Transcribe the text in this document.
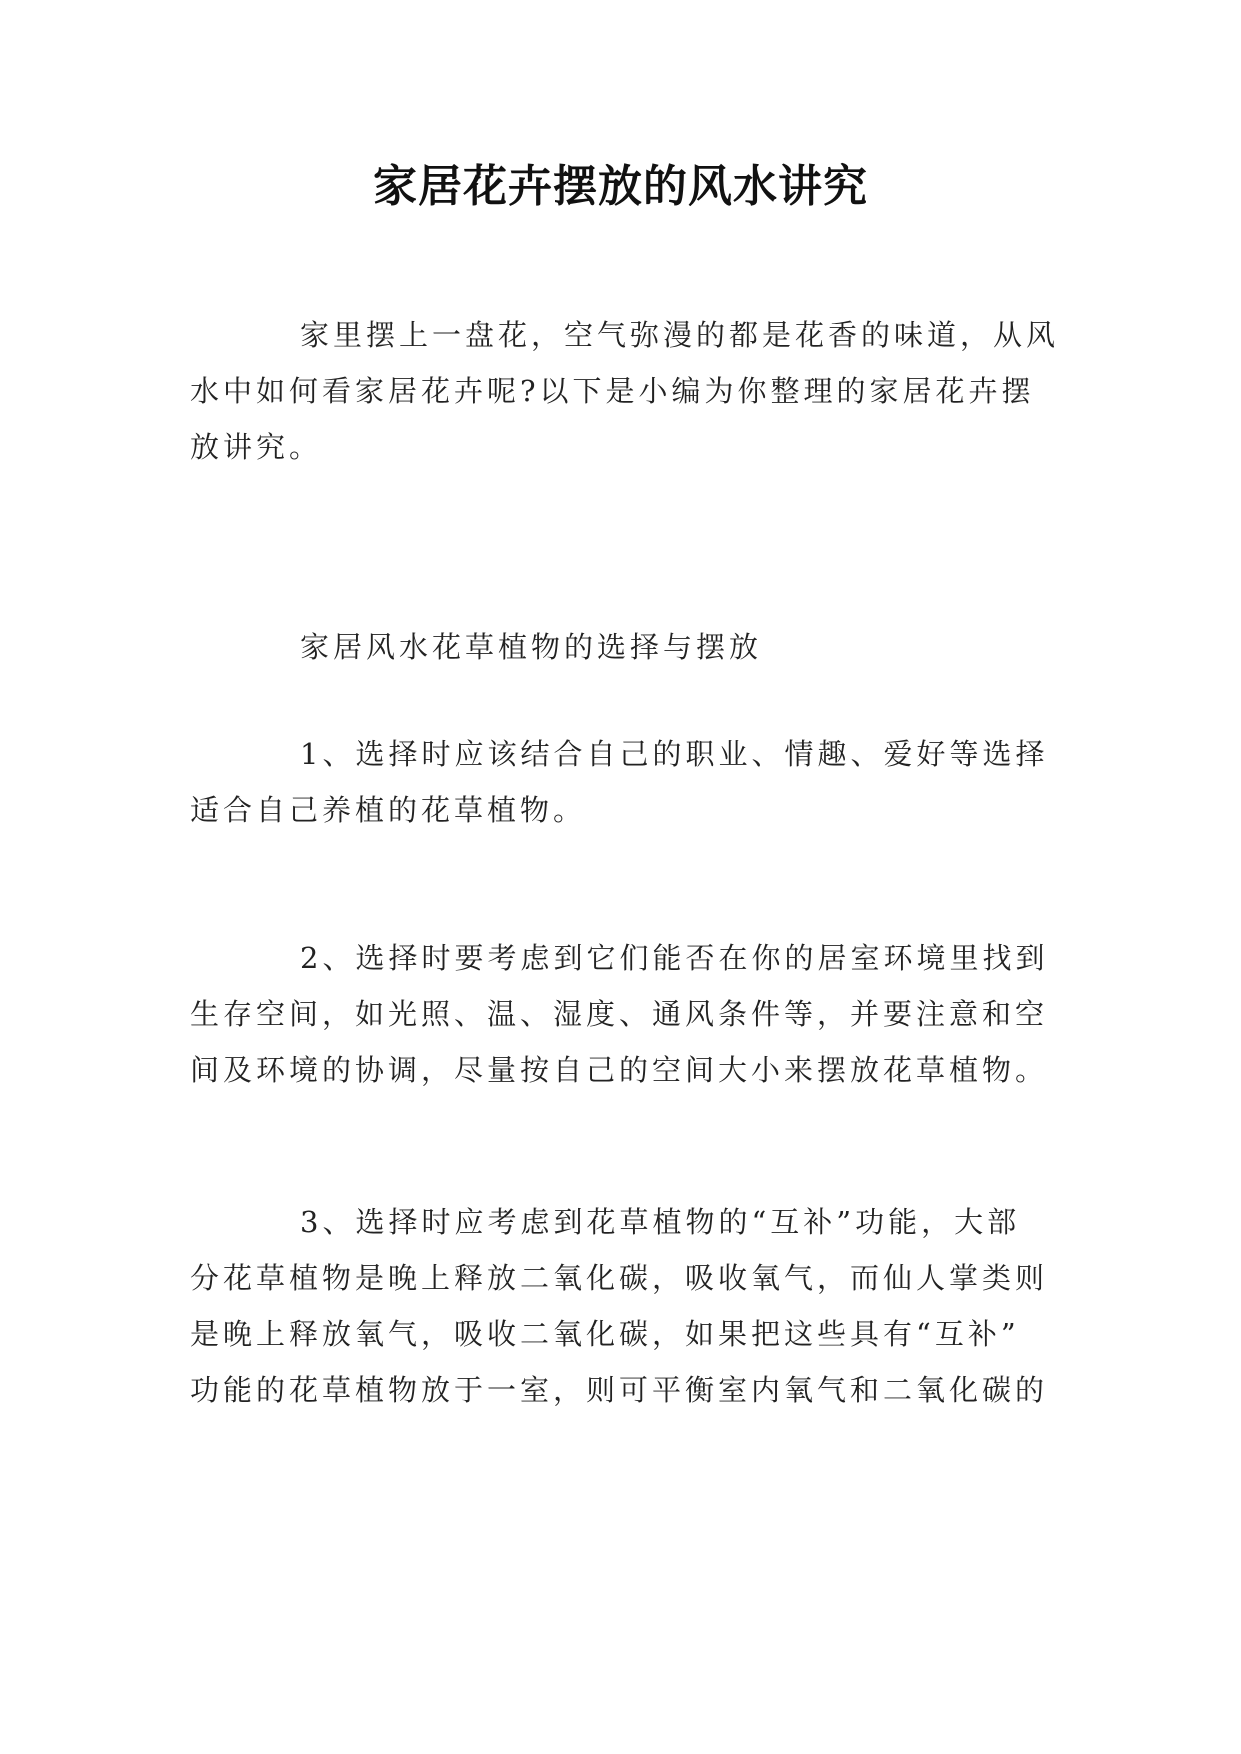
家居花卉摆放的风水讲究
家里摆上一盘花，空气弥漫的都是花香的味道，从风
水中如何看家居花卉呢?以下是小编为你整理的家居花卉摆
放讲究。
家居风水花草植物的选择与摆放
1、选择时应该结合自己的职业、情趣、爱好等选择
适合自己养植的花草植物。
2、选择时要考虑到它们能否在你的居室环境里找到
生存空间，如光照、温、湿度、通风条件等，并要注意和空
间及环境的协调，尽量按自己的空间大小来摆放花草植物。
3、选择时应考虑到花草植物的“互补”功能，大部
分花草植物是晚上释放二氧化碳，吸收氧气，而仙人掌类则
是晚上释放氧气，吸收二氧化碳，如果把这些具有“互补”
功能的花草植物放于一室，则可平衡室内氧气和二氧化碳的
